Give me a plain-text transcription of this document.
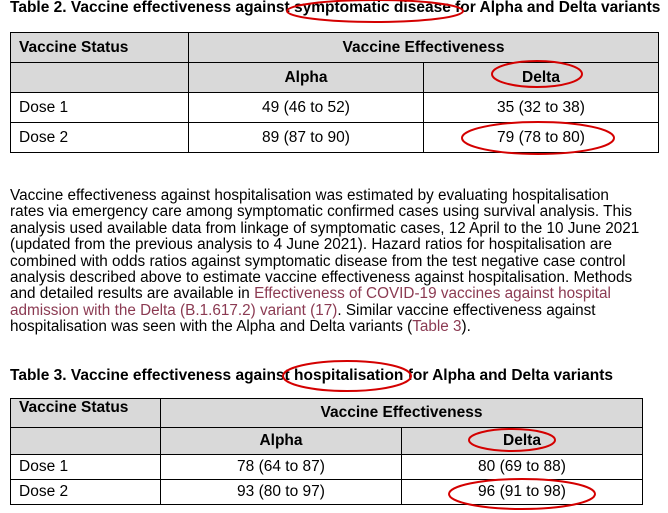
Table 2. Vaccine effectiveness against symptomatic disease for Alpha and Delta variants
Vaccine Status	Vaccine Effectiveness	
	Alpha	Delta
Dose 1	49 (46 to 52)	35 (32 to 38)
Dose 2	89 (87 to 90)	79 (78 to 80)
Vaccine effectiveness against hospitalisation was estimated by evaluating hospitalisation
rates via emergency care among symptomatic confirmed cases using survival analysis. This
analysis used available data from linkage of symptomatic cases, 12 April to the 10 June 2021
(updated from the previous analysis to 4 June 2021). Hazard ratios for hospitalisation are
combined with odds ratios against symptomatic disease from the test negative case control
analysis described above to estimate vaccine effectiveness against hospitalisation. Methods
and detailed results are available in Effectiveness of COVID-19 vaccines against hospital
admission with the Delta (B.1.617.2) variant (17). Similar vaccine effectiveness against
hospitalisation was seen with the Alpha and Delta variants (Table 3).
Table 3. Vaccine effectiveness against hospitalisation for Alpha and Delta variants
Vaccine Status	Vaccine Effectiveness	
	Alpha	Delta
Dose 1	78 (64 to 87)	80 (69 to 88)
Dose 2	93 (80 to 97)	96 (91 to 98)
